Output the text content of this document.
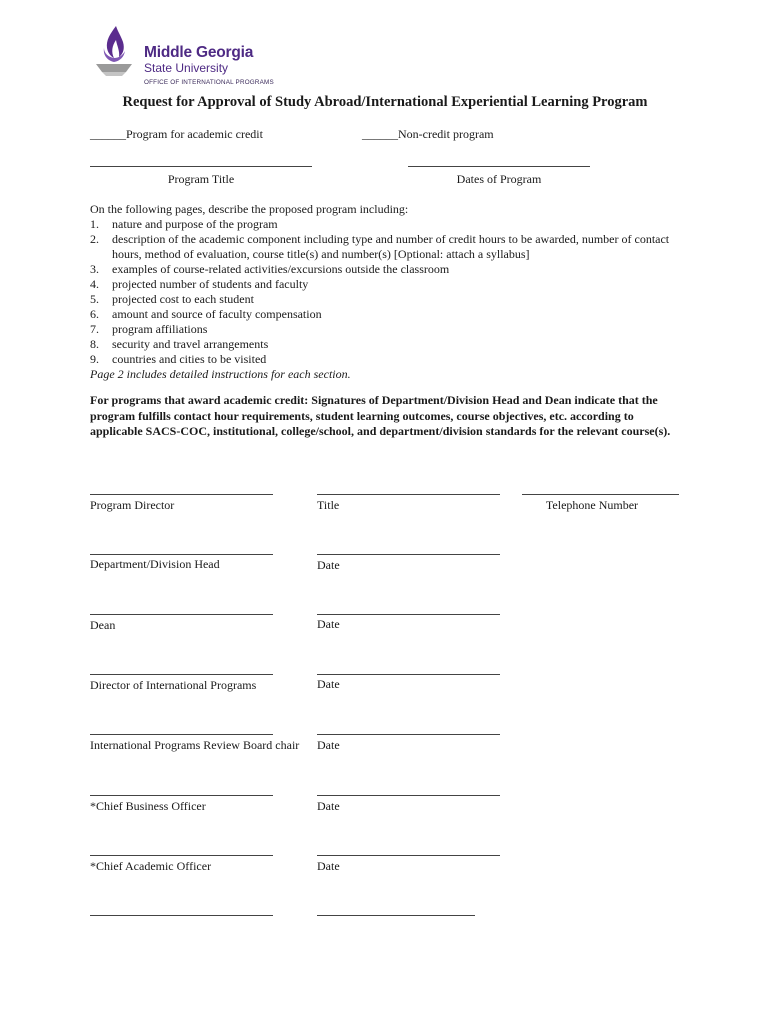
Middle Georgia
State University
OFFICE OF INTERNATIONAL PROGRAMS
Request for Approval of Study Abroad/International Experiential Learning Program
______Program for academic credit	______Non-credit program
Program Title	Dates of Program
On the following pages, describe the proposed program including:
1. nature and purpose of the program
2. description of the academic component including type and number of credit hours to be awarded, number of contact hours, method of evaluation, course title(s) and number(s) [Optional: attach a syllabus]
3. examples of course-related activities/excursions outside the classroom
4. projected number of students and faculty
5. projected cost to each student
6. amount and source of faculty compensation
7. program affiliations
8. security and travel arrangements
9. countries and cities to be visited
Page 2 includes detailed instructions for each section.
For programs that award academic credit: Signatures of Department/Division Head and Dean indicate that the program fulfills contact hour requirements, student learning outcomes, course objectives, etc. according to applicable SACS-COC, institutional, college/school, and department/division standards for the relevant course(s).
Program Director	Title	Telephone Number
Department/Division Head	Date
Dean	Date
Director of International Programs	Date
International Programs Review Board chair Date
*Chief Business Officer	Date
*Chief Academic Officer	Date
